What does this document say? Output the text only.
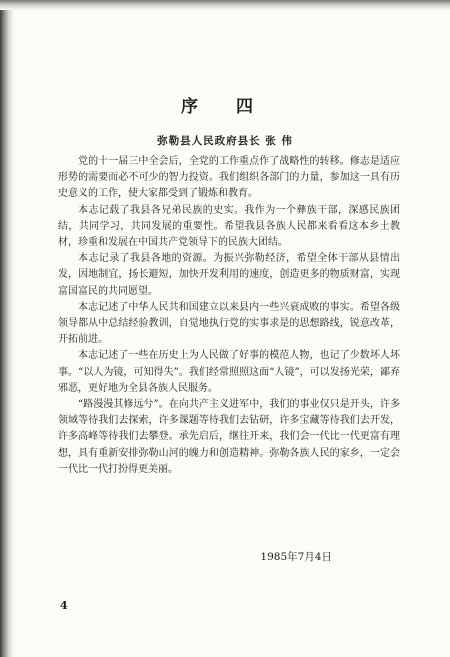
序 四
弥勒县人民政府县长 张 伟

党的十一届三中全会后，全党的工作重点作了战略性的转移。修志是适应形势的需要而必不可少的智力投资。我们组织各部门的力量，参加这一具有历史意义的工作，使大家都受到了锻炼和教育。

本志记载了我县各兄弟民族的史实。我作为一个彝族干部，深感民族团结，共同学习，共同发展的重要性。希望我县各族人民都来看看这本乡土教材，珍重和发展在中国共产党领导下的民族大团结。

本志记录了我县各地的资源。为振兴弥勒经济，希望全体干部从县情出发，因地制宜，扬长避短，加快开发利用的速度，创造更多的物质财富，实现富国富民的共同愿望。

本志记述了中华人民共和国建立以来县内一些兴衰成败的事实。希望各级领导都从中总结经验教训，自觉地执行党的实事求是的思想路线，锐意改革，开拓前进。

本志记述了一些在历史上为人民做了好事的模范人物，也记了少数坏人坏事。“以人为镜，可知得失”。我们经常照照这面“人镜”，可以发扬光荣，鄙弃邪恶，更好地为全县各族人民服务。

“路漫漫其修远兮”。在向共产主义进军中，我们的事业仅只是开头，许多领域等待我们去探索，许多课题等待我们去钻研，许多宝藏等待我们去开发，许多高峰等待我们去攀登。承先启后，继往开来，我们会一代比一代更富有理想，具有重新安排弥勒山河的魄力和创造精神。弥勒各族人民的家乡，一定会一代比一代打扮得更美丽。

1985年7月4日
4
